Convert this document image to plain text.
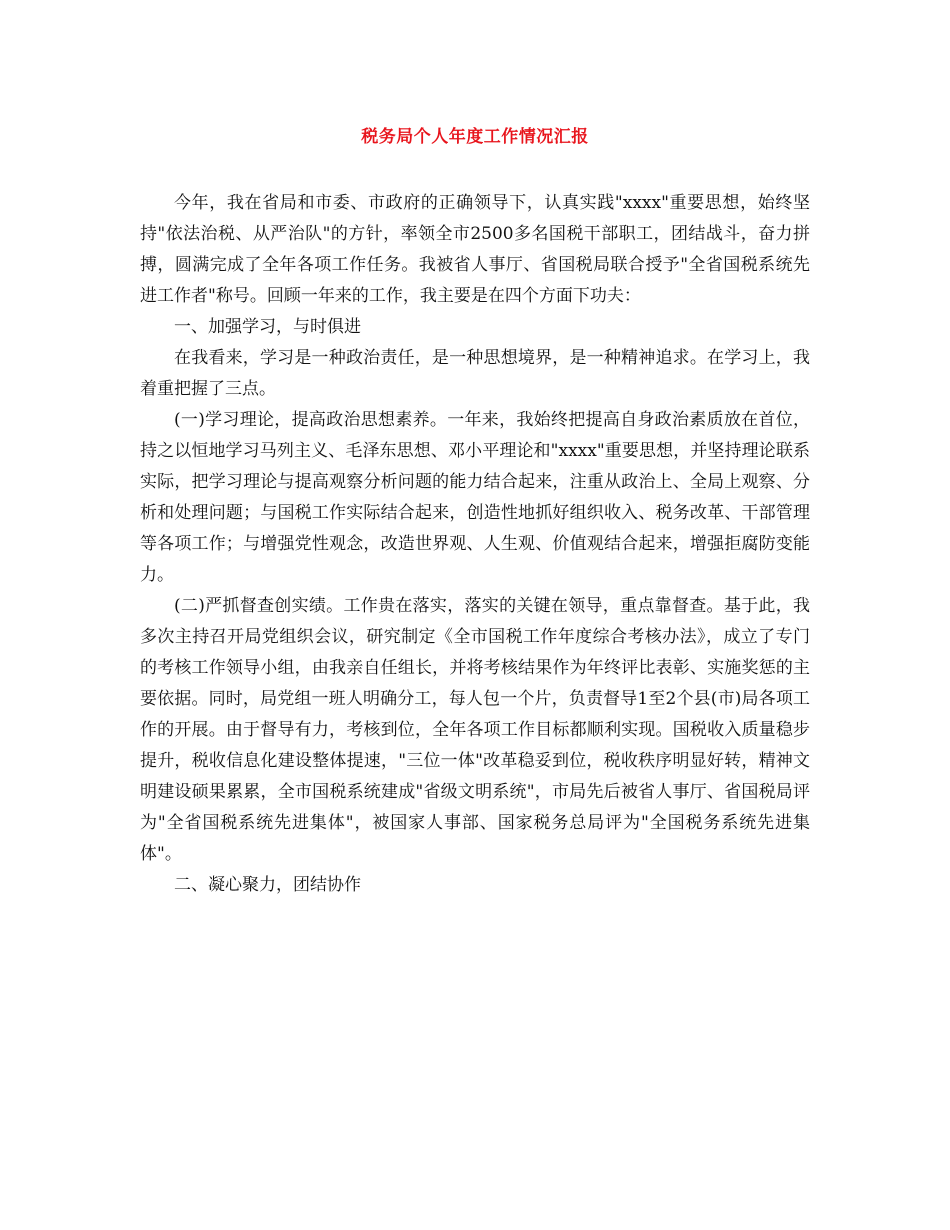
税务局个人年度工作情况汇报

今年，我在省局和市委、市政府的正确领导下，认真实践"xxxx"重要思想，始终坚持"依法治税、从严治队"的方针，率领全市2500多名国税干部职工，团结战斗，奋力拼搏，圆满完成了全年各项工作任务。我被省人事厅、省国税局联合授予"全省国税系统先进工作者"称号。回顾一年来的工作，我主要是在四个方面下功夫：

一、加强学习，与时俱进

在我看来，学习是一种政治责任，是一种思想境界，是一种精神追求。在学习上，我着重把握了三点。

(一)学习理论，提高政治思想素养。一年来，我始终把提高自身政治素质放在首位，持之以恒地学习马列主义、毛泽东思想、邓小平理论和"xxxx"重要思想，并坚持理论联系实际，把学习理论与提高观察分析问题的能力结合起来，注重从政治上、全局上观察、分析和处理问题；与国税工作实际结合起来，创造性地抓好组织收入、税务改革、干部管理等各项工作；与增强党性观念，改造世界观、人生观、价值观结合起来，增强拒腐防变能力。

(二)严抓督查创实绩。工作贵在落实，落实的关键在领导，重点靠督查。基于此，我多次主持召开局党组织会议，研究制定《全市国税工作年度综合考核办法》，成立了专门的考核工作领导小组，由我亲自任组长，并将考核结果作为年终评比表彰、实施奖惩的主要依据。同时，局党组一班人明确分工，每人包一个片，负责督导1至2个县(市)局各项工作的开展。由于督导有力，考核到位，全年各项工作目标都顺利实现。国税收入质量稳步提升，税收信息化建设整体提速，"三位一体"改革稳妥到位，税收秩序明显好转，精神文明建设硕果累累，全市国税系统建成"省级文明系统"，市局先后被省人事厅、省国税局评为"全省国税系统先进集体"，被国家人事部、国家税务总局评为"全国税务系统先进集体"。

二、凝心聚力，团结协作
